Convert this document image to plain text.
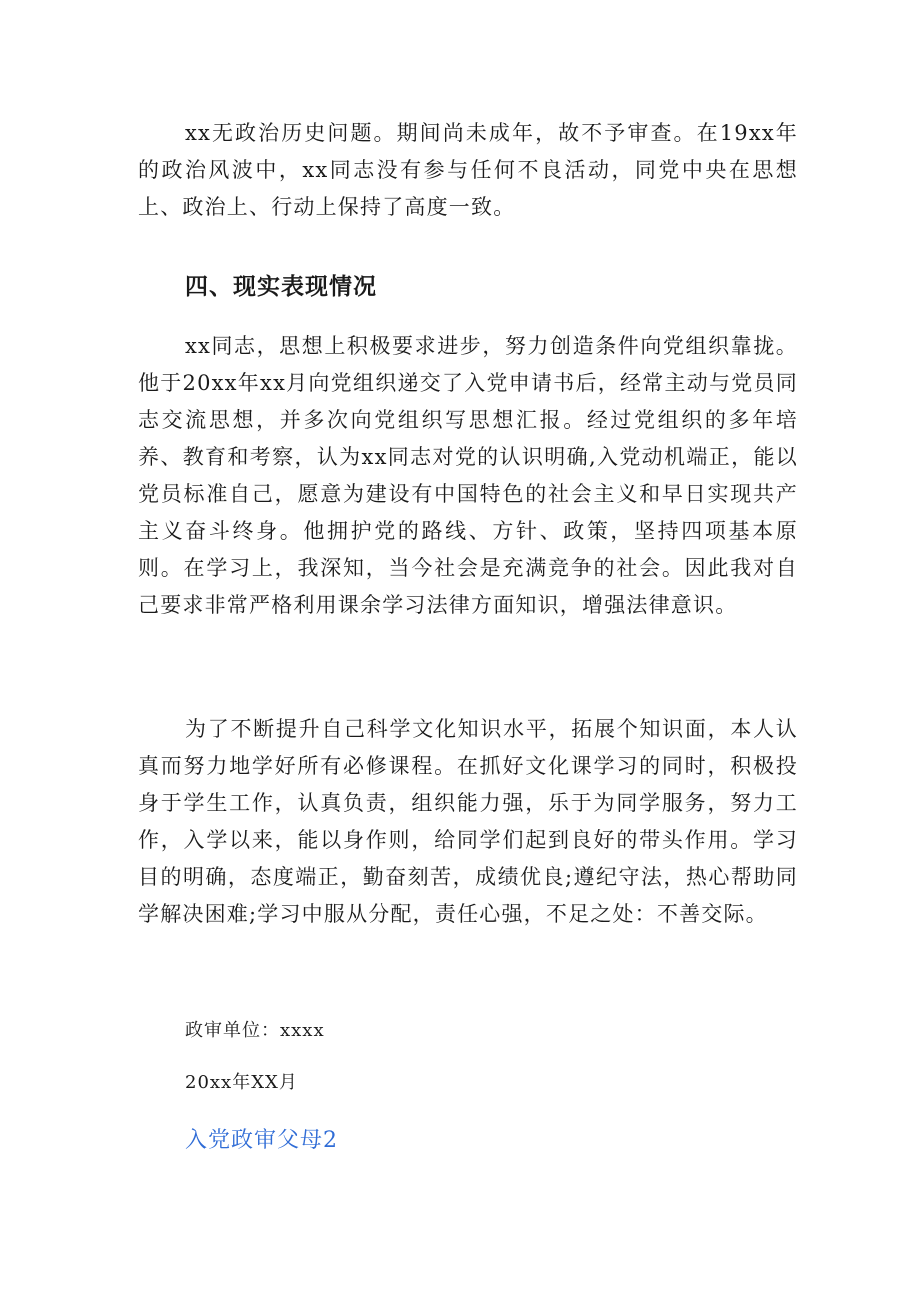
xx无政治历史问题。期间尚未成年，故不予审查。在19xx年的政治风波中，xx同志没有参与任何不良活动，同党中央在思想上、政治上、行动上保持了高度一致。

四、现实表现情况

xx同志，思想上积极要求进步，努力创造条件向党组织靠拢。他于20xx年xx月向党组织递交了入党申请书后，经常主动与党员同志交流思想，并多次向党组织写思想汇报。经过党组织的多年培养、教育和考察，认为xx同志对党的认识明确,入党动机端正，能以党员标准自己，愿意为建设有中国特色的社会主义和早日实现共产主义奋斗终身。他拥护党的路线、方针、政策，坚持四项基本原则。在学习上，我深知，当今社会是充满竞争的社会。因此我对自己要求非常严格利用课余学习法律方面知识，增强法律意识。

为了不断提升自己科学文化知识水平，拓展个知识面，本人认真而努力地学好所有必修课程。在抓好文化课学习的同时，积极投身于学生工作，认真负责，组织能力强，乐于为同学服务，努力工作，入学以来，能以身作则，给同学们起到良好的带头作用。学习目的明确，态度端正，勤奋刻苦，成绩优良;遵纪守法，热心帮助同学解决困难;学习中服从分配，责任心强，不足之处：不善交际。

政审单位：xxxx

20xx年XX月

入党政审父母2
